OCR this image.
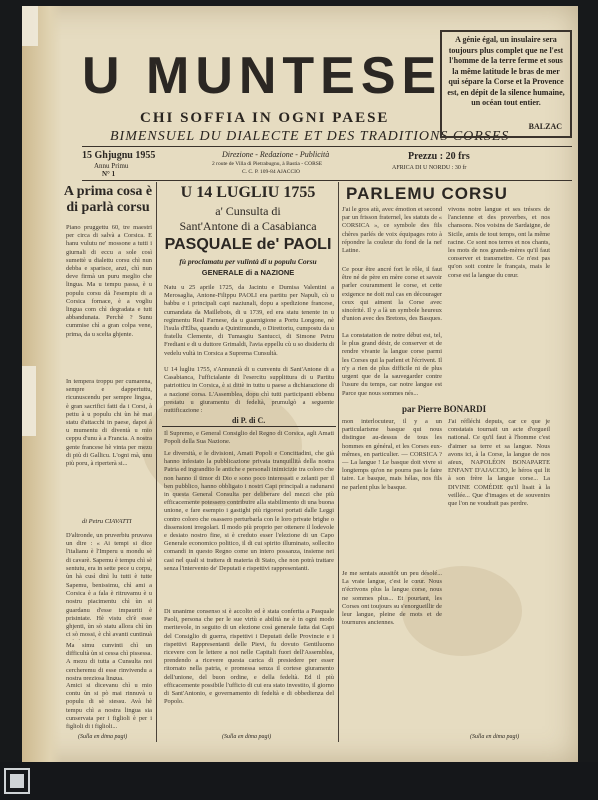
U MUNTESE
CHI SOFFIA IN OGNI PAESE
BIMENSUEL DU DIALECTE ET DES TRADITIONS CORSES
A génie égal, un insulaire sera toujours plus complet que ne l'est l'homme de la terre ferme et sous la même latitude le bras de mer qui sépare la Corse et la Provence est, en dépit de la silence humaine, un océan tout entier.
BALZAC
15 Ghjugnu 1955
Annu Primu
N° 1
Direzione - Redazione - Publicità
2 route de Villa di Pietrabugnu, à Bastia - CORSE
C. C. P. 109-84 AJACCIO
Prezzu : 20 frs
AFRICA DI U NORDU : 30 fr
A prima cosa è
di parlà corsu
Piano pruggettu 60, tre maestri per circa di salvà a Corsica. E hanu vulutu ne' mossone a tutti i giurnali di eccu a sole così sumettè u dialettu corsu chì nun debba e sparisce, anzi, chì nun deve firmà un puru meglio che lingua. Ma u tempu passa, è u populu corsu dà l'esempiu di a Corsica fornace, è a vogliu lingua com chì degradata e tutt abbandunata. Perchè ? Sunu cummise chì a gran colpa vene, prima, da u scelta ghjente.
In tempera troppu per cumarena, sempre e dappertuttu, ricunuscendu per sempre lingua, è gran sacrifici fatti da i Corsi, à pettu à u populu chi ùn hè mai statu d'attacchi in paese, dapoi à u mumentu di diventà u mio ceppu d'unu à a Francia. A nostra gente francese hè vinta per mezu di più di Gallicu. L'ogni mà, unu più poru, à riperterà si...
di Petru CIAVATTI
D'altronde, un pruverbiu pruvava un dire : « Ai tempi si dice l'italianu è l'Imperu u mondu sè di cavarè. Sapemu è tempu chì sè sentutu, era in sette pece u corpu, ùn hà cusì dinì lu tutti è tutte
Sapemu, benissimu, chì ami a Corsica è a fala è ritruvamu è u nostru piacimentu chì ùn si guardanu d'esse impauriti è prisintate. Hè vistu ch'è esse ghjenti, ùn sò statu allora chì ùn ci sò mossi, è chì avanti cuntinuà
Ma simu cunvinti chì un difficultà ùn si cessa chì pissessa. A mezu di tutta a Cunsulta noi cercheremu di esse rinvivendu a nostra preziosa lingua.
Amici si dicevanu chì u mio contu ùn si pò mai rinnuvà u populu di sè stessu. Avà hè tempu chì a nostra lingua sia cunservata per i figlioli è per i figlioli di i figlioli...
(Sulla en dima pagi)
U 14 LUGLIU 1755
a' Cunsulta di
Sant'Antone di a Casabianca
PASQUALE de' PAOLI
fù proclamatu per vulintà di u populu Corsu
GENERALE di a NAZIONE
Natu u 25 aprile 1725, da Jacintu e Dumisa Valentini a Merosaglia, Antone-Filippu PAOLI era partitu per Napuli, cù u babbu e i principali capi naziunali, dopu a spedizione francese, cumandata da Maillebois, di u 1739, ed era statu tenente in u regimentu Real Farnese, da u guarnigione a Portu Longone, nè l'isula d'Elba, quandu a Quintimundu, o Direttoriu, cumpostu da u fratellu Clemente, di Tumasgiu Santucci, di Simone Petru Frediani e di u duttore Grimaldi, l'avia eppellu cù u so disideriu di vedelu vultà in Corsica a Suprema Cunsultà.
U 14 lugliu 1755, s'Annunzià di u cunventu di Sant'Antone di a Casabianca, l'ufficialante di l'esercitu supplittura di u Partitu patriotticu in Corsica, è si dittè in tuttu u paese a dichiarazione di a nazione corsa. L'Assemblea, dopu chì tutti participanti ebbenu prestatu u giuramentu di fedeltà, prumulgò a seguente nuttificazione :
di P. di C.
Il Supremo, e General Consiglio del Regno di Corsica, agli Amati Popoli della Sua Nazione.
Le diversità, e le divisioni, Amati Popoli e Concittadini, che già hanno infestato la pubblicazione privata tranquillità della nostra Patria ed ingrandito le antiche e personali inimicizie tra coloro che non hanno il timor di Dio e sono poco interessati e zelanti per il ben pubblico, hanno obbligato i nostri Capi principali a radunarsi in questa General Consulta per deliberare del mezzi che più efficacemente potessero contribuire alla stabilimento di una buona unione, e fare esempio i gastighi più rigorosi portati dalle Leggi contro coloro che osassero perturbarla con le loro private brighe o dissensioni irregolari. Il modo più proprio per ottenere il lodevole e desiato nostro fine, si è creduto esser l'elezione di un Capo Generale economico politico, il di cui spirito illuminato, sollecito comandi in questo Regno come un intero possanza, insieme nei casi nel quali si trattera di materia di Stato, che non potrà trattare senza l'intervento de' Deputati e rispettivi rappresentanti.
Di unanime consenso si è accolto ed è stata conferita a Pasquale Paoli, persona che per le sue virtù e abilità ne è in ogni modo meritevole, in seguito di un elezione così generale fatta dai Capi del Consiglio di guerra, rispettivi i Deputati delle Provincie e i rispettivi Rappresentanti delle Pievi, fu dovuto Gentiluomo ricevere con le lettere a noi nelle Capitali fuori dell'Assemblea, prendendo a ricevere questa carica di presiedere per esser ritornato nella patria, e promessa senza il cortese giuramento dell'unione, del buon ordine, e della fedeltà. Ed il più efficacemente possibile l'ufficio di cui era stato investito, il giorno di Sant'Antonio, e governamento di fedeltà e di obbedienza del Popolo.
(Sulla en dima pagi)
PARLEMU CORSU
J'ai le gros atù, avec émotion et second par un frisson fraternel, les statuts de « CORSICA », ce symbole des fils chères parlés de voix équipages roto à répondre la couleur du fond de la nef Latine.
Ce pour être ancré fort le rôle, il faut être né de père en mère corse et savoir parler couramment le corse, et cette exigence ne doit nul cas en décourager ceux qui aiment la Corse avec sincérité. Il y a là un symbole heureux d'union avec des Bretons, des Basques.
La constatation de notre début est, tel, le plus grand désir, de conserver et de rendre vivante la langue corse parmi les Corses qui la parlent et l'écrivent. Il n'y a rien de plus difficile ni de plus urgent que de la sauvegarder contre l'usure du temps, car notre langue est
Parce que nous sommes nés...
vivons notre langue et ses trésors de l'ancienne et des proverbes, et nos chansons. Nos voisins de Sardaigne, de Sicile, amis de tout temps, ont la même racine. Ce sont nos terres et nos chants, les mots de nos grands-mères qu'il faut conserver et transmettre. Ce n'est pas qu'on soit contre le français, mais le corse est la langue du cœur.
par Pierre BONARDI
mon interlocuteur, il y a un particularisme basque qui nous distingue au-dessus de tous les hommes en général, et les Corses eux-mêmes, en particulier. — CORSICA ? — La langue ! Le basque doit vivre si longtemps qu'on ne pourra pas le faire taire. Le basque, mais hélas, nos fils ne parlent plus le basque.
Je me sentais aussitôt un peu désolé... La vraie langue, c'est le cœur. Nous n'écrivons plus la langue corse, nous ne sommes plus... Et pourtant, les Corses ont toujours su s'enorgueillir de leur langue, pleine de mots et de tournures anciennes.
J'ai réfléchi depuis, car ce que je constatais tournait un acte d'orgueil national. Ce qu'il faut à l'homme c'est d'aimer sa terre et sa langue. Nous avons ici, à la Corse, la langue de nos aïeux, NAPOLÉON BONAPARTE ENFANT D'AJACCIO, le héros qui lit à son frère la langue corse... La DIVINE COMÉDIE qu'il lisait à la veillée... Que d'images et de souvenirs que l'on ne voudrait pas perdre.
(Sulla en dima pagi)
